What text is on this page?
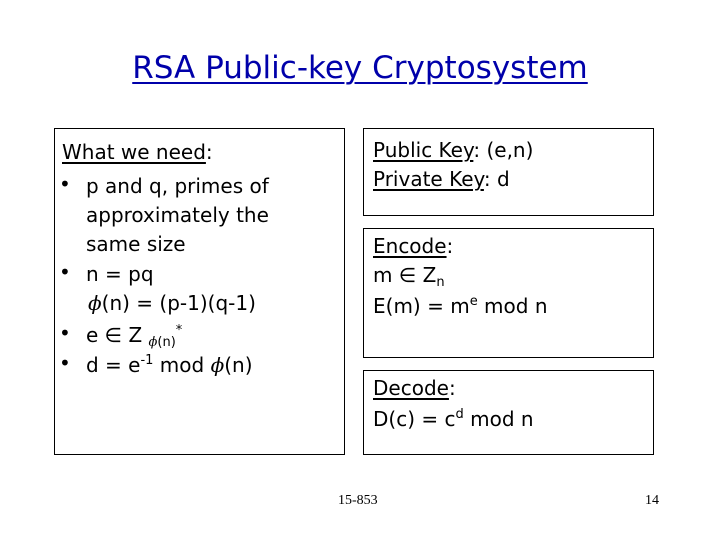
RSA Public-key Cryptosystem
What we need:
• p and q, primes of
approximately the
same size
• n = pq
ϕ(n) = (p-1)(q-1)
• e ∈ Z $_{\phi(n)}$*
• $d = e^{-1}$ mod ϕ(n)
Public Key: (e,n)
Private Key: d
Encode:
m ∈ $Z_n$
$E(m) = m^e$ mod n
Decode:
$D(c) = c^d$ mod n
15-853	14
